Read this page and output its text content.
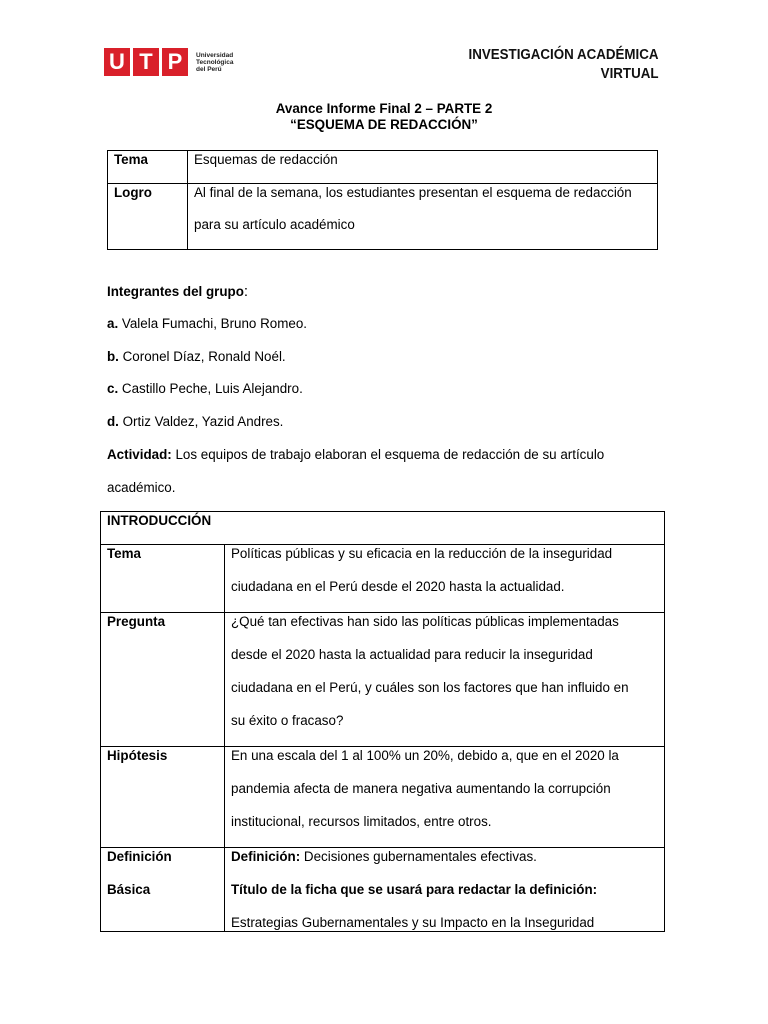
U T P	Universidad
Tecnológica
del Perú
INVESTIGACIÓN ACADÉMICA
VIRTUAL
Avance Informe Final 2 – PARTE 2
“ESQUEMA DE REDACCIÓN”
Tema	Esquemas de redacción

Logro	Al final de la semana, los estudiantes presentan el esquema de redacción
para su artículo académico
Integrantes del grupo:
a. Valela Fumachi, Bruno Romeo.
b. Coronel Díaz, Ronald Noél.
c. Castillo Peche, Luis Alejandro.
d. Ortiz Valdez, Yazid Andres.
Actividad: Los equipos de trabajo elaboran el esquema de redacción de su artículo
académico.
INTRODUCCIÓN	

Tema	Políticas públicas y su eficacia en la reducción de la inseguridad
ciudadana en el Perú desde el 2020 hasta la actualidad.

Pregunta	¿Qué tan efectivas han sido las políticas públicas implementadas
desde el 2020 hasta la actualidad para reducir la inseguridad
ciudadana en el Perú, y cuáles son los factores que han influido en
su éxito o fracaso?

Hipótesis	En una escala del 1 al 100% un 20%, debido a, que en el 2020 la
pandemia afecta de manera negativa aumentando la corrupción
institucional, recursos limitados, entre otros.

Definición
Básica	Definición: Decisiones gubernamentales efectivas.
Título de la ficha que se usará para redactar la definición:
Estrategias Gubernamentales y su Impacto en la Inseguridad
